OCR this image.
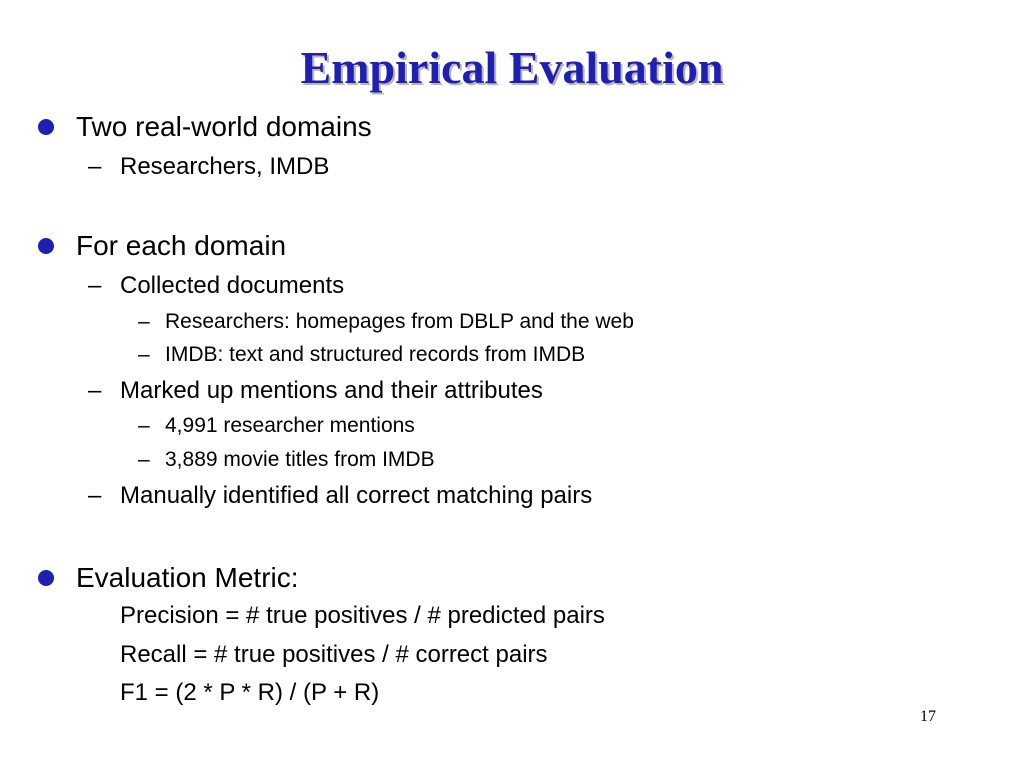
Empirical Evaluation
Two real-world domains
– Researchers, IMDB
For each domain
– Collected documents
– Researchers: homepages from DBLP and the web
– IMDB: text and structured records from IMDB
– Marked up mentions and their attributes
– 4,991 researcher mentions
– 3,889 movie titles from IMDB
– Manually identified all correct matching pairs
Evaluation Metric:
Precision = # true positives / # predicted pairs
Recall = # true positives / # correct pairs
F1 = (2 * P * R) / (P + R)
17
